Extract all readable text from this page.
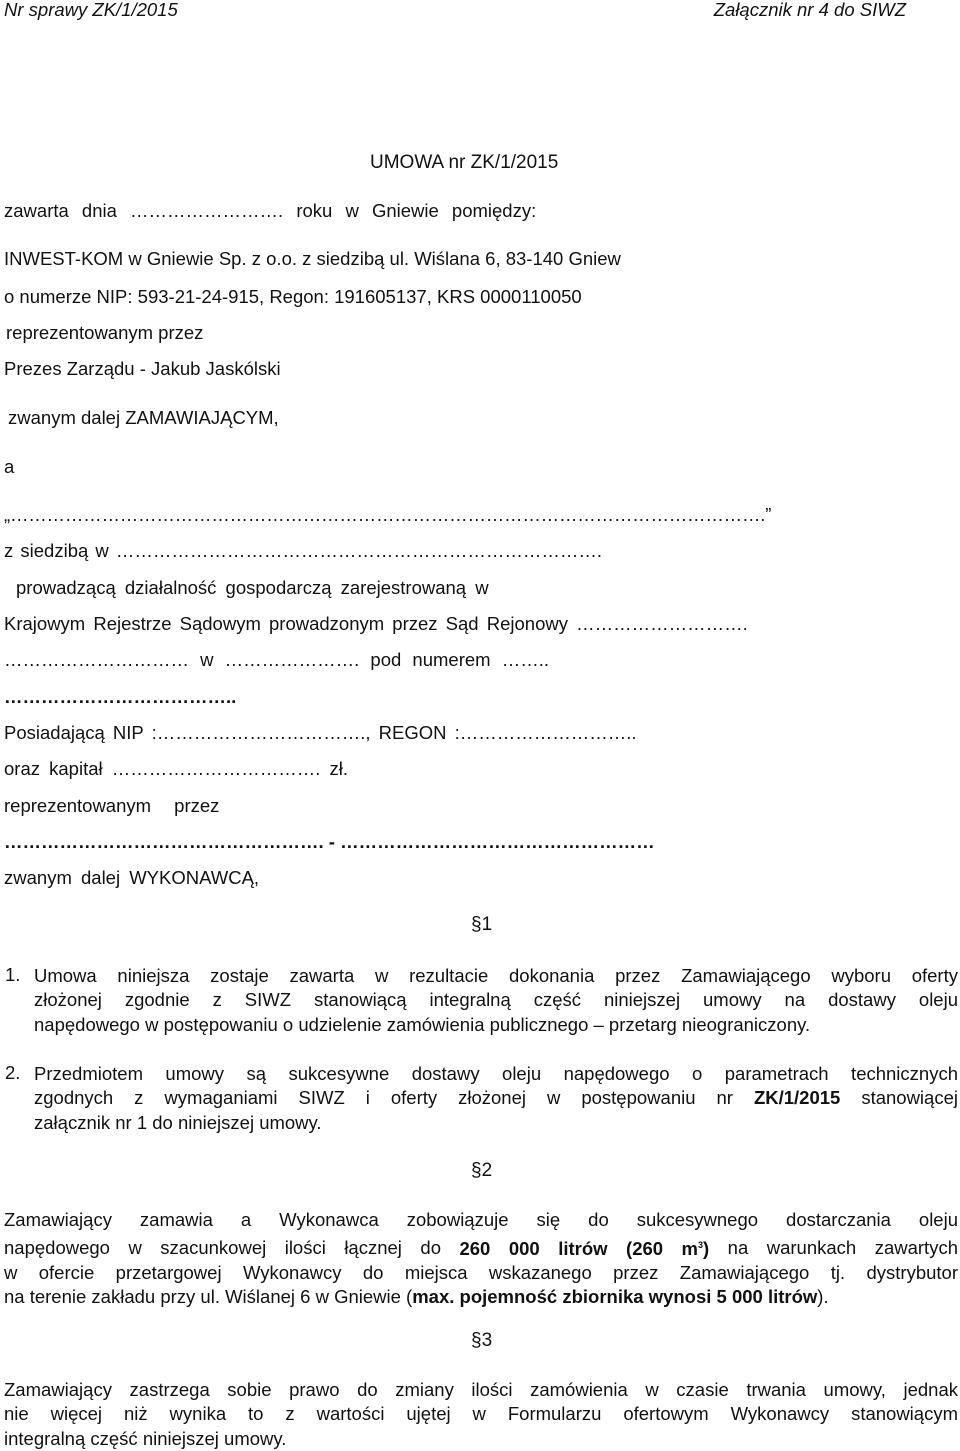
Nr sprawy ZK/1/2015	Załącznik nr 4 do SIWZ
UMOWA nr ZK/1/2015
zawarta dnia ……………………. roku w Gniewie pomiędzy:
INWEST-KOM w Gniewie Sp. z o.o. z siedzibą ul. Wiślana 6, 83-140 Gniew
o numerze NIP: 593-21-24-915, Regon: 191605137, KRS 0000110050
reprezentowanym przez
Prezes Zarządu - Jakub Jaskólski
zwanym dalej ZAMAWIAJĄCYM,
a
„…………………………………………………………………………………………………………….”
z siedzibą w …………………………………………………………………….
prowadzącą działalność gospodarczą zarejestrowaną w
Krajowym Rejestrze Sądowym prowadzonym przez Sąd Rejonowy ……………………….
………………………… w …………………. pod numerem ……..
………………………………..
Posiadającą NIP :……………………………., REGON :………………………..
oraz kapitał ……………………………. zł.
reprezentowanym przez
……………………………………………. - ……………………………………………
zwanym dalej WYKONAWCĄ,
§1
1. Umowa niniejsza zostaje zawarta w rezultacie dokonania przez Zamawiającego wyboru oferty
złożonej zgodnie z SIWZ stanowiącą integralną część niniejszej umowy na dostawy oleju
napędowego w postępowaniu o udzielenie zamówienia publicznego – przetarg nieograniczony.
2. Przedmiotem umowy są sukcesywne dostawy oleju napędowego o parametrach technicznych
zgodnych z wymaganiami SIWZ i oferty złożonej w postępowaniu nr ZK/1/2015 stanowiącej
załącznik nr 1 do niniejszej umowy.
§2
Zamawiający zamawia a Wykonawca zobowiązuje się do sukcesywnego dostarczania oleju
napędowego w szacunkowej ilości łącznej do 260 000 litrów (260 $m^3$) na warunkach zawartych
w ofercie przetargowej Wykonawcy do miejsca wskazanego przez Zamawiającego tj. dystrybutor
na terenie zakładu przy ul. Wiślanej 6 w Gniewie (max. pojemność zbiornika wynosi 5 000 litrów).
§3
Zamawiający zastrzega sobie prawo do zmiany ilości zamówienia w czasie trwania umowy, jednak
nie więcej niż wynika to z wartości ujętej w Formularzu ofertowym Wykonawcy stanowiącym
integralną część niniejszej umowy.
